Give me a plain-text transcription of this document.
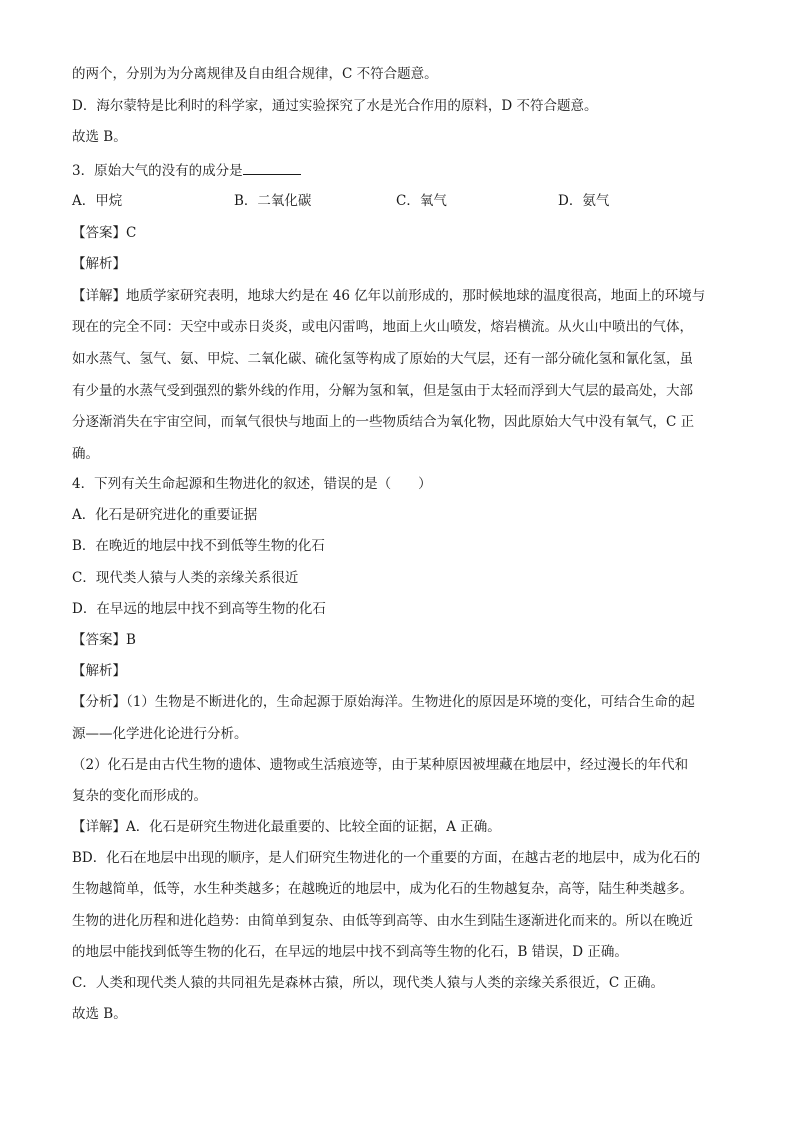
的两个，分别为为分离规律及自由组合规律，C 不符合题意。
D．海尔蒙特是比利时的科学家，通过实验探究了水是光合作用的原料，D 不符合题意。
故选 B。
3．原始大气的没有的成分是
A．甲烷	B．二氧化碳	C．氧气	D．氨气
【答案】C
【解析】
【详解】地质学家研究表明，地球大约是在 46 亿年以前形成的，那时候地球的温度很高，地面上的环境与
现在的完全不同：天空中或赤日炎炎，或电闪雷鸣，地面上火山喷发，熔岩横流。从火山中喷出的气体，
如水蒸气、氢气、氨、甲烷、二氧化碳、硫化氢等构成了原始的大气层，还有一部分硫化氢和氰化氢，虽
有少量的水蒸气受到强烈的紫外线的作用，分解为氢和氧，但是氢由于太轻而浮到大气层的最高处，大部
分逐渐消失在宇宙空间，而氧气很快与地面上的一些物质结合为氧化物，因此原始大气中没有氧气，C 正
确。
4．下列有关生命起源和生物进化的叙述，错误的是（　　）
A．化石是研究进化的重要证据
B．在晚近的地层中找不到低等生物的化石
C．现代类人猿与人类的亲缘关系很近
D．在早远的地层中找不到高等生物的化石
【答案】B
【解析】
【分析】（1）生物是不断进化的，生命起源于原始海洋。生物进化的原因是环境的变化，可结合生命的起
源——化学进化论进行分析。
（2）化石是由古代生物的遗体、遗物或生活痕迹等，由于某种原因被埋藏在地层中，经过漫长的年代和
复杂的变化而形成的。
【详解】A．化石是研究生物进化最重要的、比较全面的证据，A 正确。
BD．化石在地层中出现的顺序，是人们研究生物进化的一个重要的方面，在越古老的地层中，成为化石的
生物越简单，低等，水生种类越多；在越晚近的地层中，成为化石的生物越复杂，高等，陆生种类越多。
生物的进化历程和进化趋势：由简单到复杂、由低等到高等、由水生到陆生逐渐进化而来的。所以在晚近
的地层中能找到低等生物的化石，在早远的地层中找不到高等生物的化石，B 错误，D 正确。
C．人类和现代类人猿的共同祖先是森林古猿，所以，现代类人猿与人类的亲缘关系很近，C 正确。
故选 B。
